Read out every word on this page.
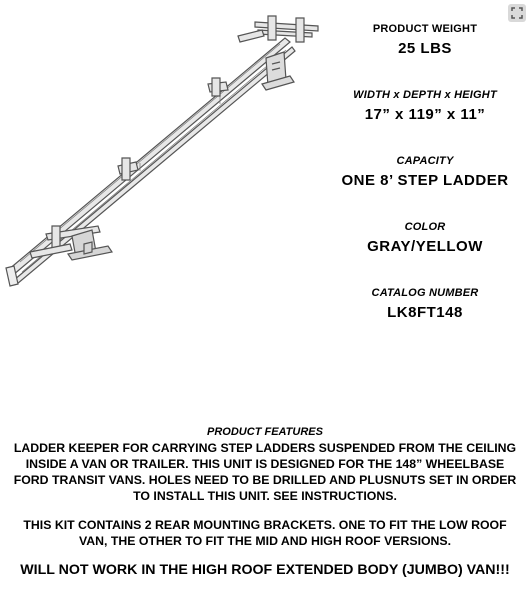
PRODUCT WEIGHT

25 LBS

WIDTH x DEPTH x HEIGHT

17” x 119” x 11”

CAPACITY

ONE 8’ STEP LADDER

COLOR

GRAY/YELLOW

CATALOG NUMBER

LK8FT148

PRODUCT FEATURES

LADDER KEEPER FOR CARRYING STEP LADDERS SUSPENDED FROM THE CEILING INSIDE A VAN OR TRAILER. THIS UNIT IS DESIGNED FOR THE 148” WHEELBASE FORD TRANSIT VANS. HOLES NEED TO BE DRILLED AND PLUSNUTS SET IN ORDER TO INSTALL THIS UNIT. SEE INSTRUCTIONS.

THIS KIT CONTAINS 2 REAR MOUNTING BRACKETS. ONE TO FIT THE LOW ROOF VAN, THE OTHER TO FIT THE MID AND HIGH ROOF VERSIONS.

WILL NOT WORK IN THE HIGH ROOF EXTENDED BODY (JUMBO) VAN!!!
